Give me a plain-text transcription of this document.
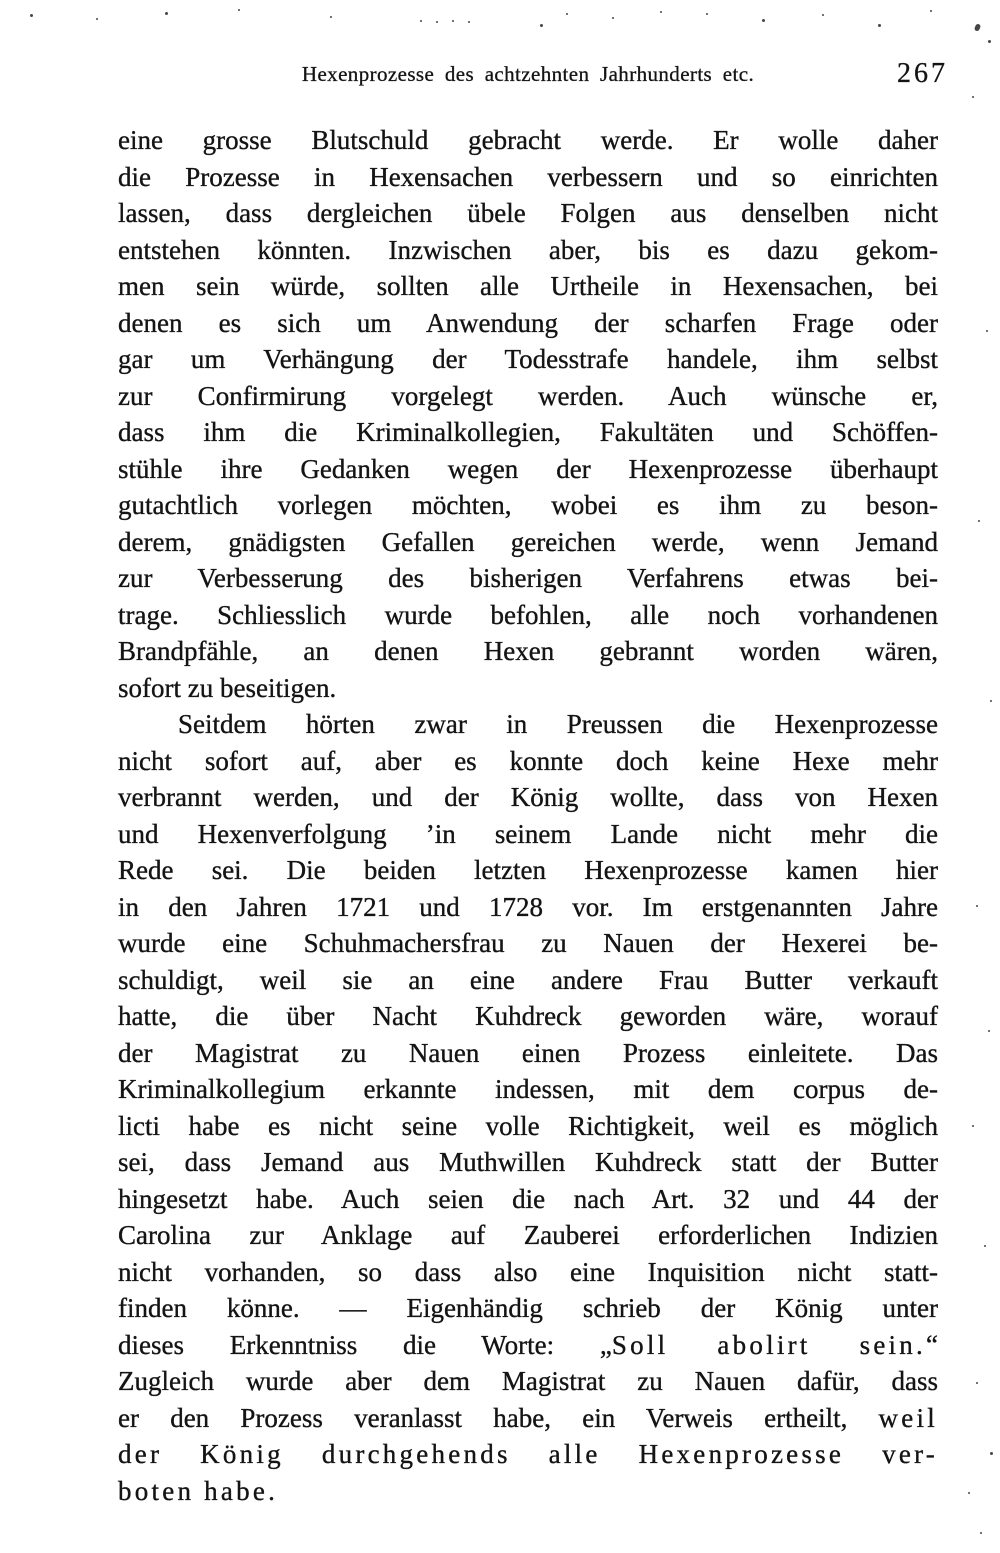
Hexenprozesse des achtzehnten Jahrhunderts etc.	267
eine grosse Blutschuld gebracht werde. Er wolle daher
die Prozesse in Hexensachen verbessern und so einrichten
lassen, dass dergleichen übele Folgen aus denselben nicht
entstehen könnten. Inzwischen aber, bis es dazu gekom-
men sein würde, sollten alle Urtheile in Hexensachen, bei
denen es sich um Anwendung der scharfen Frage oder
gar um Verhängung der Todesstrafe handele, ihm selbst
zur Confirmirung vorgelegt werden. Auch wünsche er,
dass ihm die Kriminalkollegien, Fakultäten und Schöffen-
stühle ihre Gedanken wegen der Hexenprozesse überhaupt
gutachtlich vorlegen möchten, wobei es ihm zu beson-
derem, gnädigsten Gefallen gereichen werde, wenn Jemand
zur Verbesserung des bisherigen Verfahrens etwas bei-
trage. Schliesslich wurde befohlen, alle noch vorhandenen
Brandpfähle, an denen Hexen gebrannt worden wären,
sofort zu beseitigen.
Seitdem hörten zwar in Preussen die Hexenprozesse
nicht sofort auf, aber es konnte doch keine Hexe mehr
verbrannt werden, und der König wollte, dass von Hexen
und Hexenverfolgung ’in seinem Lande nicht mehr die
Rede sei. Die beiden letzten Hexenprozesse kamen hier
in den Jahren 1721 und 1728 vor. Im erstgenannten Jahre
wurde eine Schuhmachersfrau zu Nauen der Hexerei be-
schuldigt, weil sie an eine andere Frau Butter verkauft
hatte, die über Nacht Kuhdreck geworden wäre, worauf
der Magistrat zu Nauen einen Prozess einleitete. Das
Kriminalkollegium erkannte indessen, mit dem corpus de-
licti habe es nicht seine volle Richtigkeit, weil es möglich
sei, dass Jemand aus Muthwillen Kuhdreck statt der Butter
hingesetzt habe. Auch seien die nach Art. 32 und 44 der
Carolina zur Anklage auf Zauberei erforderlichen Indizien
nicht vorhanden, so dass also eine Inquisition nicht statt-
finden könne. — Eigenhändig schrieb der König unter
dieses Erkenntniss die Worte: „Soll abolirt sein.“
Zugleich wurde aber dem Magistrat zu Nauen dafür, dass
er den Prozess veranlasst habe, ein Verweis ertheilt, weil
der König durchgehends alle Hexenprozesse ver-
boten habe.
